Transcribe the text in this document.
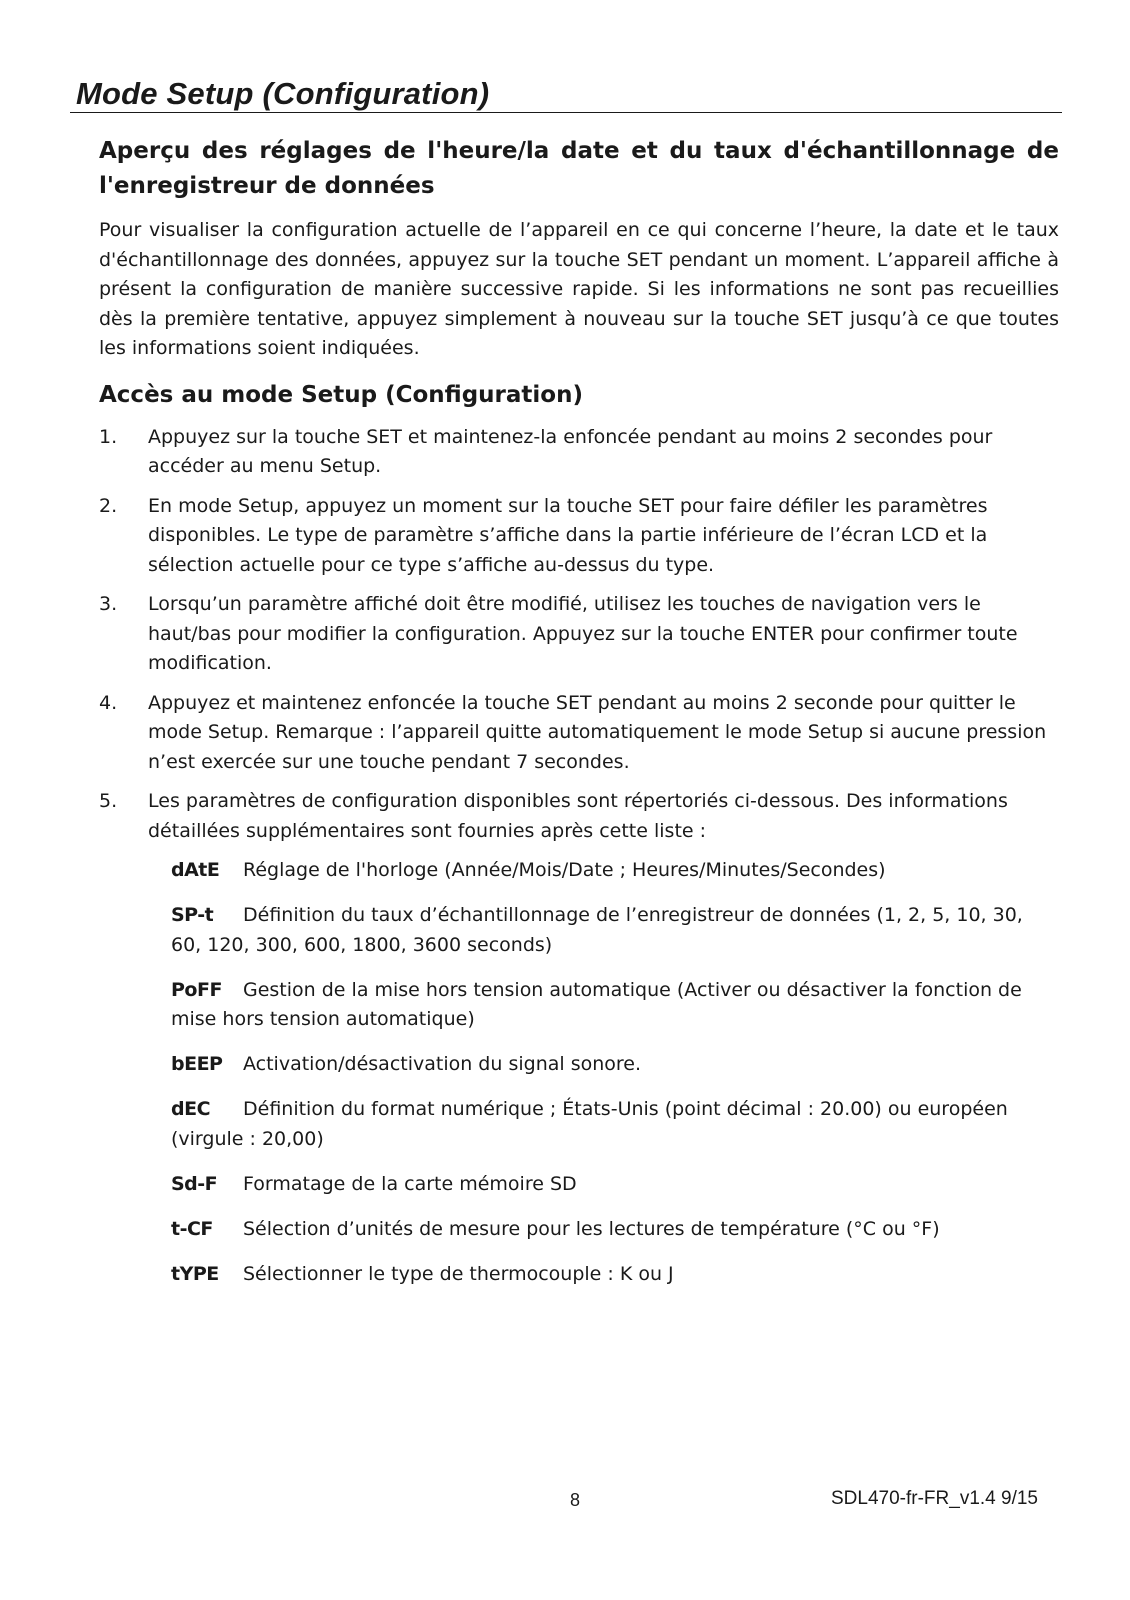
Mode Setup (Configuration)
Aperçu des réglages de l'heure/la date et du taux d'échantillonnage de l'enregistreur de données

Pour visualiser la configuration actuelle de l’appareil en ce qui concerne l’heure, la date et le taux d'échantillonnage des données, appuyez sur la touche SET pendant un moment. L’appareil affiche à présent la configuration de manière successive rapide. Si les informations ne sont pas recueillies dès la première tentative, appuyez simplement à nouveau sur la touche SET jusqu’à ce que toutes les informations soient indiquées.

Accès au mode Setup (Configuration)
1. Appuyez sur la touche SET et maintenez-la enfoncée pendant au moins 2 secondes pour accéder au menu Setup.
2. En mode Setup, appuyez un moment sur la touche SET pour faire défiler les paramètres disponibles. Le type de paramètre s’affiche dans la partie inférieure de l’écran LCD et la sélection actuelle pour ce type s’affiche au-dessus du type.
3. Lorsqu’un paramètre affiché doit être modifié, utilisez les touches de navigation vers le haut/bas pour modifier la configuration. Appuyez sur la touche ENTER pour confirmer toute modification.
4. Appuyez et maintenez enfoncée la touche SET pendant au moins 2 seconde pour quitter le mode Setup. Remarque : l’appareil quitte automatiquement le mode Setup si aucune pression n’est exercée sur une touche pendant 7 secondes.
5. Les paramètres de configuration disponibles sont répertoriés ci-dessous. Des informations détaillées supplémentaires sont fournies après cette liste :
dAtE Réglage de l'horloge (Année/Mois/Date ; Heures/Minutes/Secondes)
SP-t Définition du taux d’échantillonnage de l’enregistreur de données (1, 2, 5, 10, 30, 60, 120, 300, 600, 1800, 3600 seconds)
PoFF Gestion de la mise hors tension automatique (Activer ou désactiver la fonction de mise hors tension automatique)
bEEP Activation/désactivation du signal sonore.
dEC Définition du format numérique ; États-Unis (point décimal : 20.00) ou européen (virgule : 20,00)
Sd-F Formatage de la carte mémoire SD
t-CF Sélection d’unités de mesure pour les lectures de température (°C ou °F)
tYPE Sélectionner le type de thermocouple : K ou J
8	SDL470-fr-FR_v1.4 9/15
